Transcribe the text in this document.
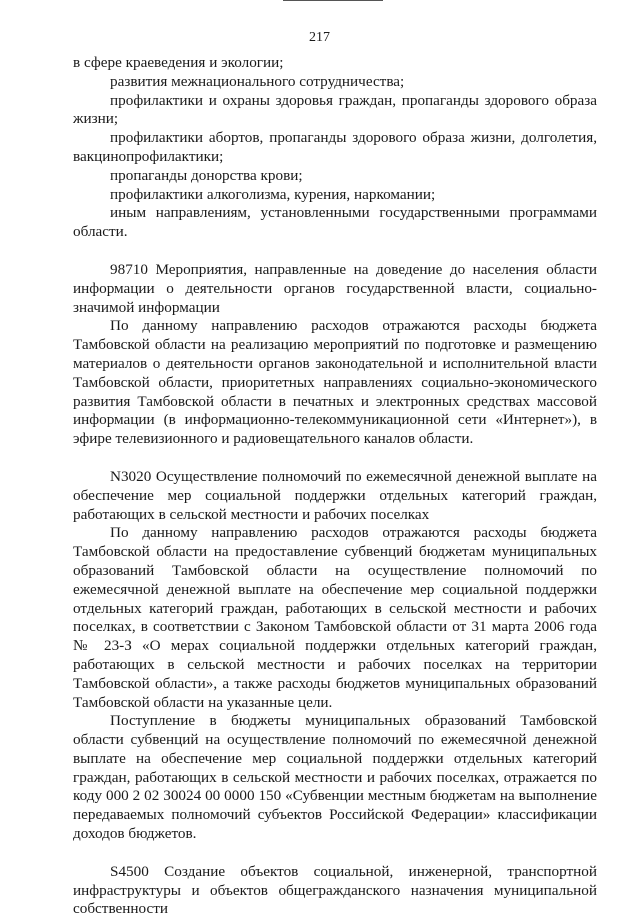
217

в сфере краеведения и экологии;

развития межнационального сотрудничества;

профилактики и охраны здоровья граждан, пропаганды здорового образа жизни;

профилактики абортов, пропаганды здорового образа жизни, долголетия, вакцинопрофилактики;

пропаганды донорства крови;

профилактики алкоголизма, курения, наркомании;

иным направлениям, установленными государственными программами области.

98710 Мероприятия, направленные на доведение до населения области информации о деятельности органов государственной власти, социально-значимой информации

По данному направлению расходов отражаются расходы бюджета Тамбовской области на реализацию мероприятий по подготовке и размещению материалов о деятельности органов законодательной и исполнительной власти Тамбовской области, приоритетных направлениях социально-экономического развития Тамбовской области в печатных и электронных средствах массовой информации (в информационно-телекоммуникационной сети «Интернет»), в эфире телевизионного и радиовещательного каналов области.

N3020 Осуществление полномочий по ежемесячной денежной выплате на обеспечение мер социальной поддержки отдельных категорий граждан, работающих в сельской местности и рабочих поселках

По данному направлению расходов отражаются расходы бюджета Тамбовской области на предоставление субвенций бюджетам муниципальных образований Тамбовской области на осуществление полномочий по ежемесячной денежной выплате на обеспечение мер социальной поддержки отдельных категорий граждан, работающих в сельской местности и рабочих поселках, в соответствии с Законом Тамбовской области от 31 марта 2006 года № 23-З «О мерах социальной поддержки отдельных категорий граждан, работающих в сельской местности и рабочих поселках на территории Тамбовской области», а также расходы бюджетов муниципальных образований Тамбовской области на указанные цели.

Поступление в бюджеты муниципальных образований Тамбовской области субвенций на осуществление полномочий по ежемесячной денежной выплате на обеспечение мер социальной поддержки отдельных категорий граждан, работающих в сельской местности и рабочих поселках, отражается по коду 000 2 02 30024 00 0000 150 «Субвенции местным бюджетам на выполнение передаваемых полномочий субъектов Российской Федерации» классификации доходов бюджетов.

S4500 Создание объектов социальной, инженерной, транспортной инфраструктуры и объектов общегражданского назначения муниципальной собственности
